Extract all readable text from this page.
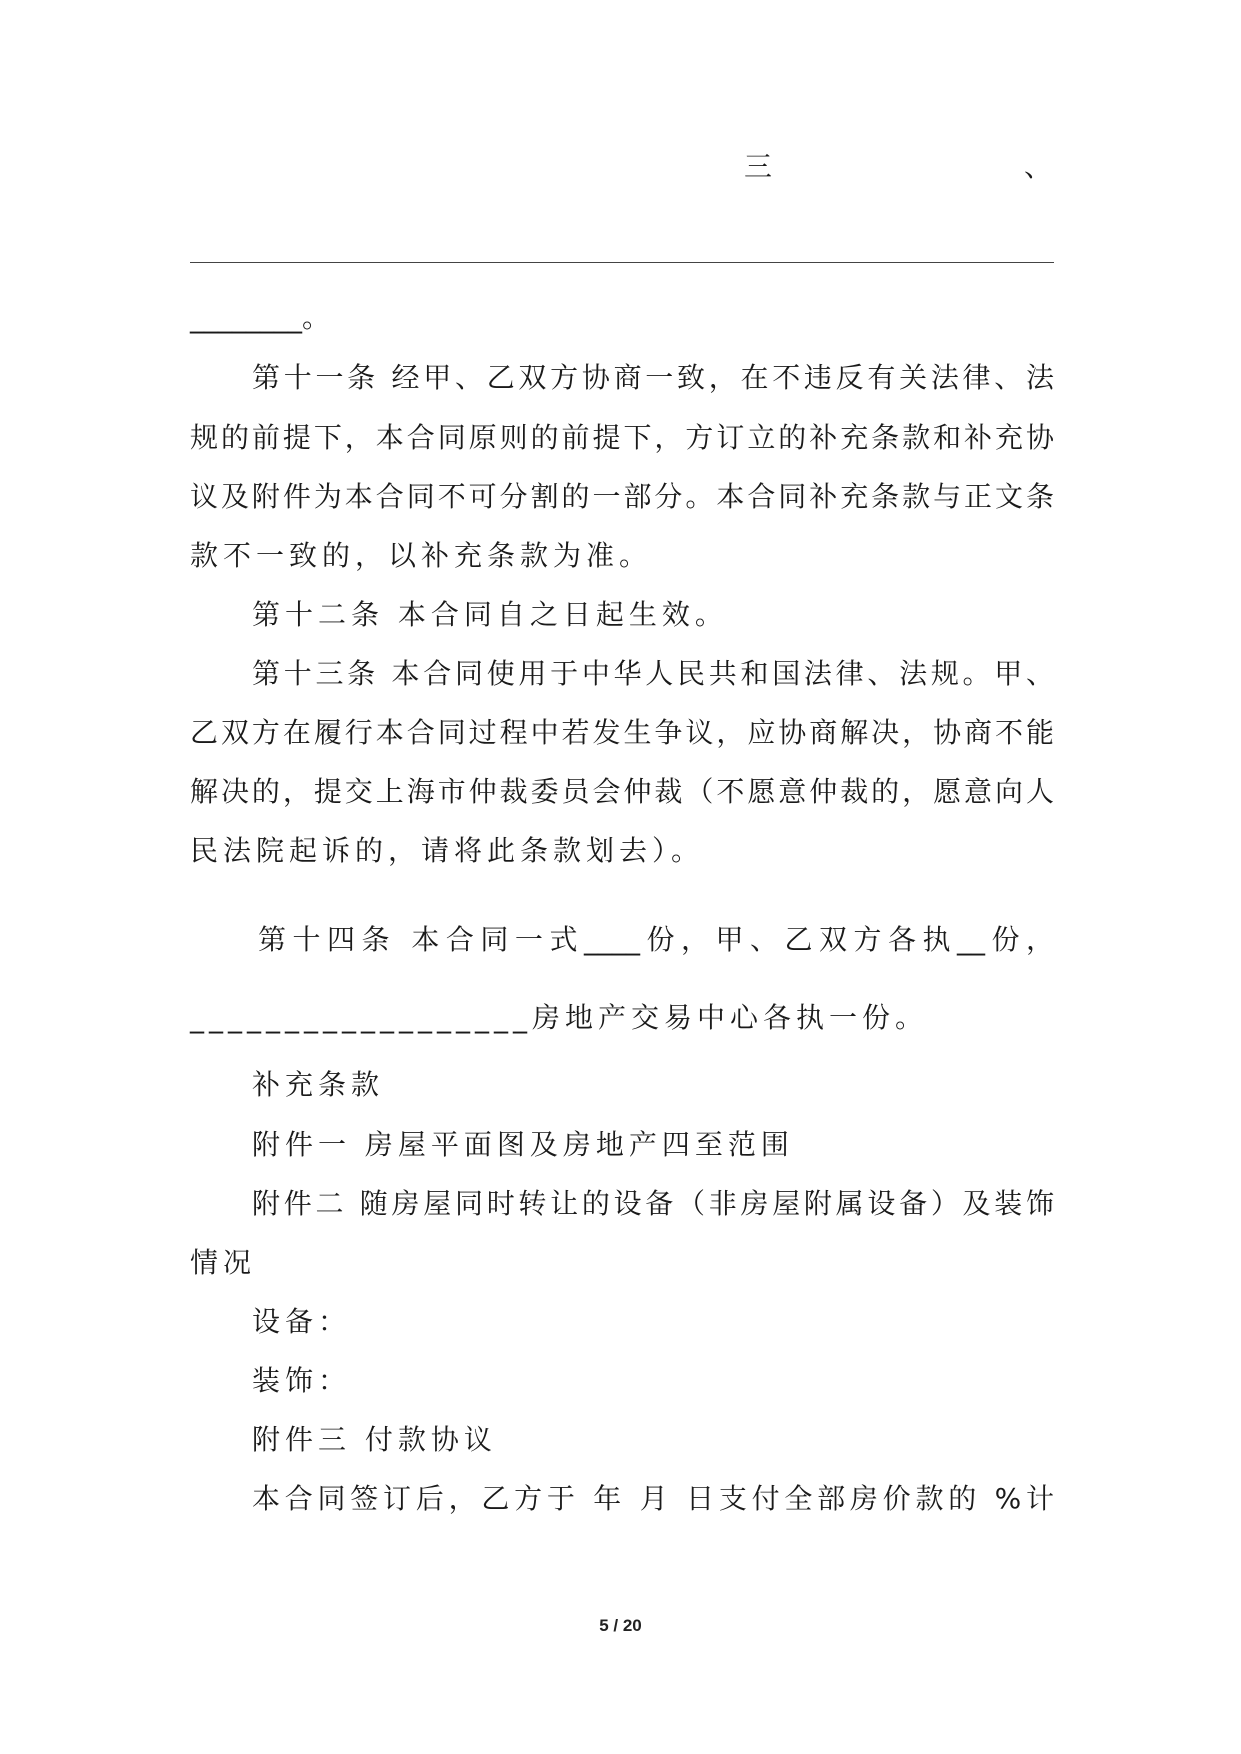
三	、
________。
第十一条 经甲、乙双方协商一致，在不违反有关法律、法
规的前提下，本合同原则的前提下，方订立的补充条款和补充协
议及附件为本合同不可分割的一部分。本合同补充条款与正文条
款不一致的，以补充条款为准。
第十二条 本合同自之日起生效。
第十三条 本合同使用于中华人民共和国法律、法规。甲、
乙双方在履行本合同过程中若发生争议，应协商解决，协商不能
解决的，提交上海市仲裁委员会仲裁（不愿意仲裁的，愿意向人
民法院起诉的，请将此条款划去）。
第十四条 本合同一式____份，甲、乙双方各执__份，
__________________房地产交易中心各执一份。
补充条款
附件一 房屋平面图及房地产四至范围
附件二 随房屋同时转让的设备（非房屋附属设备）及装饰
情况
设备：
装饰：
附件三 付款协议
本合同签订后，乙方于 年 月 日支付全部房价款的 %计
5 / 20
